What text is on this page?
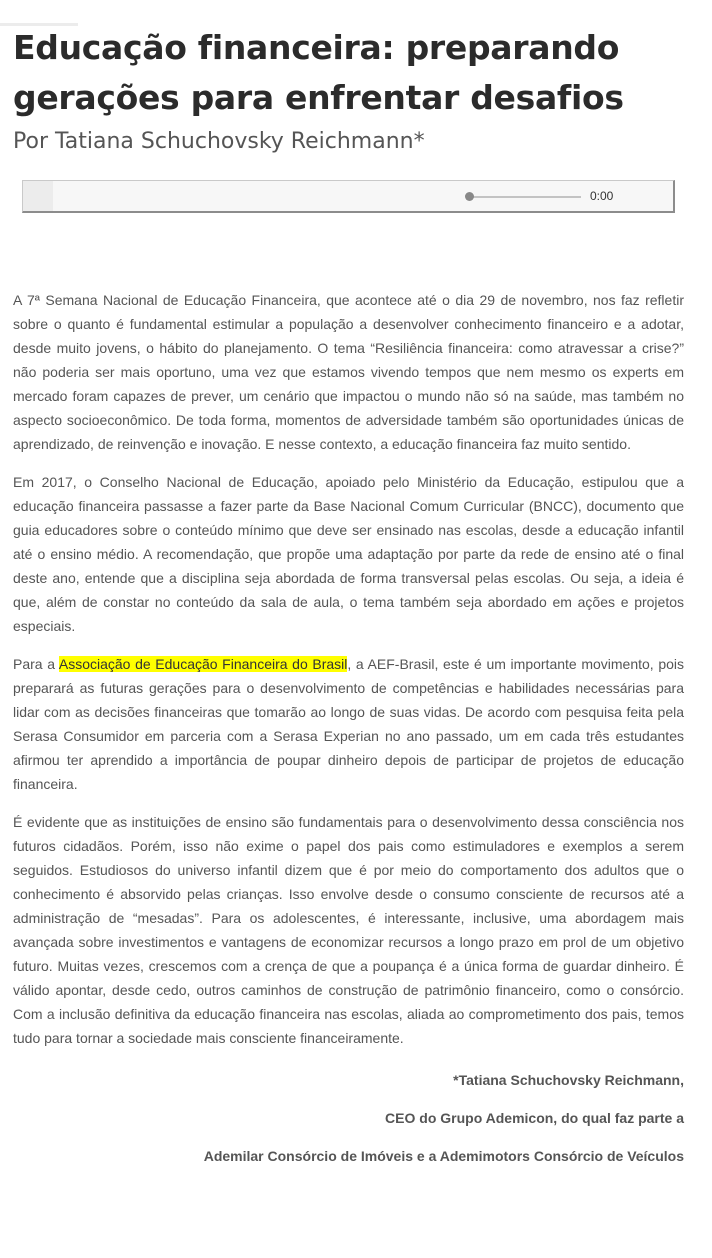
Educação financeira: preparando gerações para enfrentar desafios
Por Tatiana Schuchovsky Reichmann*
0:00

A 7ª Semana Nacional de Educação Financeira, que acontece até o dia 29 de novembro, nos faz refletir sobre o quanto é fundamental estimular a população a desenvolver conhecimento financeiro e a adotar, desde muito jovens, o hábito do planejamento. O tema “Resiliência financeira: como atravessar a crise?” não poderia ser mais oportuno, uma vez que estamos vivendo tempos que nem mesmo os experts em mercado foram capazes de prever, um cenário que impactou o mundo não só na saúde, mas também no aspecto socioeconômico. De toda forma, momentos de adversidade também são oportunidades únicas de aprendizado, de reinvenção e inovação. E nesse contexto, a educação financeira faz muito sentido.

Em 2017, o Conselho Nacional de Educação, apoiado pelo Ministério da Educação, estipulou que a educação financeira passasse a fazer parte da Base Nacional Comum Curricular (BNCC), documento que guia educadores sobre o conteúdo mínimo que deve ser ensinado nas escolas, desde a educação infantil até o ensino médio. A recomendação, que propõe uma adaptação por parte da rede de ensino até o final deste ano, entende que a disciplina seja abordada de forma transversal pelas escolas. Ou seja, a ideia é que, além de constar no conteúdo da sala de aula, o tema também seja abordado em ações e projetos especiais.

Para a Associação de Educação Financeira do Brasil, a AEF-Brasil, este é um importante movimento, pois preparará as futuras gerações para o desenvolvimento de competências e habilidades necessárias para lidar com as decisões financeiras que tomarão ao longo de suas vidas. De acordo com pesquisa feita pela Serasa Consumidor em parceria com a Serasa Experian no ano passado, um em cada três estudantes afirmou ter aprendido a importância de poupar dinheiro depois de participar de projetos de educação financeira.

É evidente que as instituições de ensino são fundamentais para o desenvolvimento dessa consciência nos futuros cidadãos. Porém, isso não exime o papel dos pais como estimuladores e exemplos a serem seguidos. Estudiosos do universo infantil dizem que é por meio do comportamento dos adultos que o conhecimento é absorvido pelas crianças. Isso envolve desde o consumo consciente de recursos até a administração de “mesadas”. Para os adolescentes, é interessante, inclusive, uma abordagem mais avançada sobre investimentos e vantagens de economizar recursos a longo prazo em prol de um objetivo futuro. Muitas vezes, crescemos com a crença de que a poupança é a única forma de guardar dinheiro. É válido apontar, desde cedo, outros caminhos de construção de patrimônio financeiro, como o consórcio. Com a inclusão definitiva da educação financeira nas escolas, aliada ao comprometimento dos pais, temos tudo para tornar a sociedade mais consciente financeiramente.

*Tatiana Schuchovsky Reichmann,

CEO do Grupo Ademicon, do qual faz parte a

Ademilar Consórcio de Imóveis e a Ademimotors Consórcio de Veículos
